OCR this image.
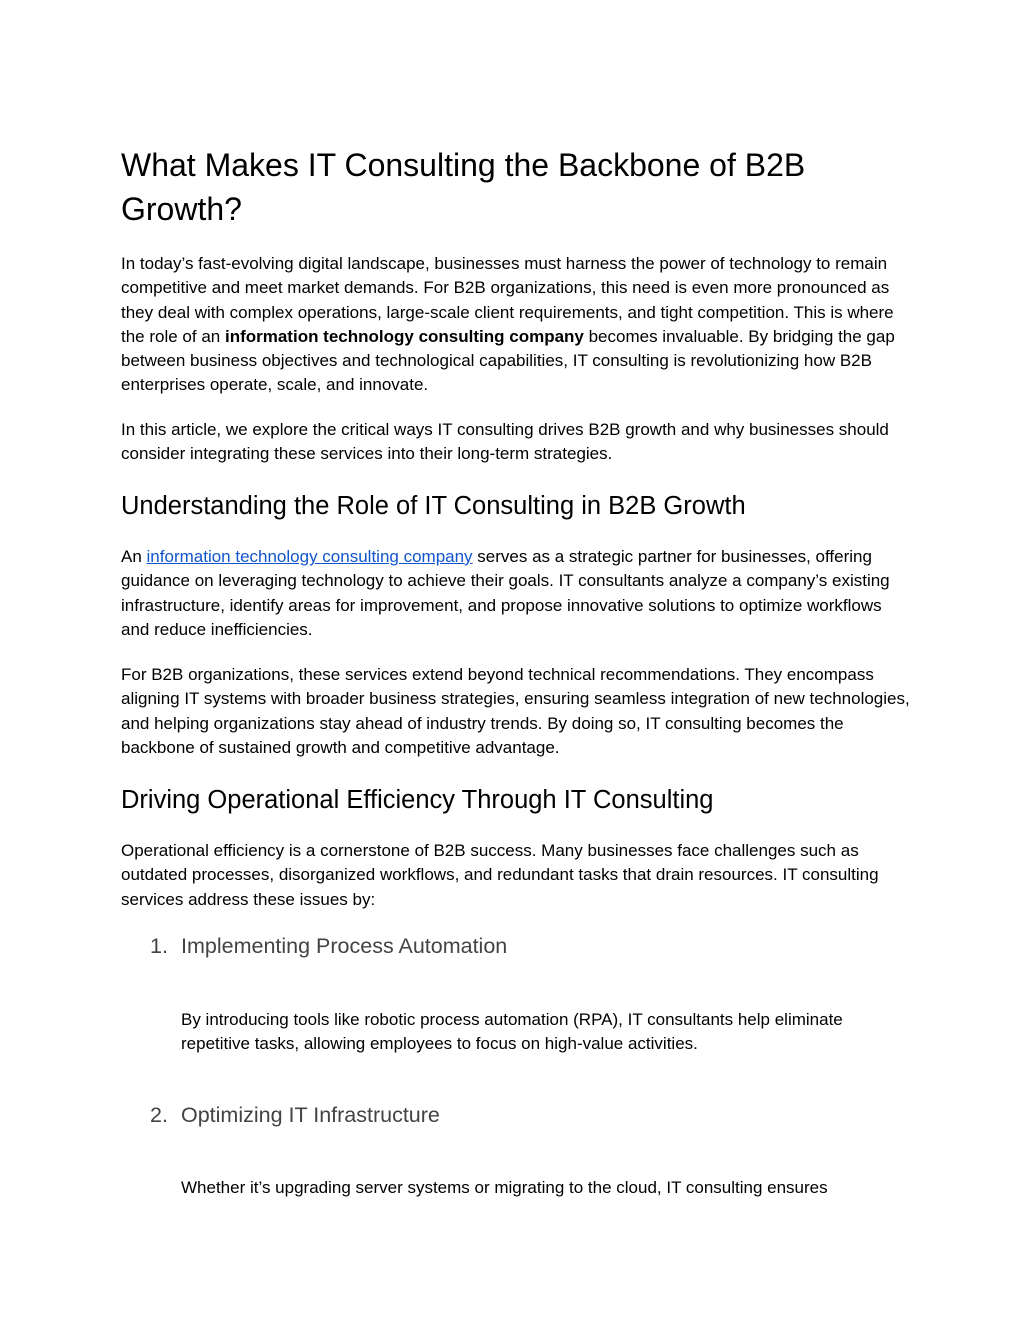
What Makes IT Consulting the Backbone of B2B Growth?

In today’s fast-evolving digital landscape, businesses must harness the power of technology to remain competitive and meet market demands. For B2B organizations, this need is even more pronounced as they deal with complex operations, large-scale client requirements, and tight competition. This is where the role of an information technology consulting company becomes invaluable. By bridging the gap between business objectives and technological capabilities, IT consulting is revolutionizing how B2B enterprises operate, scale, and innovate.

In this article, we explore the critical ways IT consulting drives B2B growth and why businesses should consider integrating these services into their long-term strategies.

Understanding the Role of IT Consulting in B2B Growth

An information technology consulting company serves as a strategic partner for businesses, offering guidance on leveraging technology to achieve their goals. IT consultants analyze a company’s existing infrastructure, identify areas for improvement, and propose innovative solutions to optimize workflows and reduce inefficiencies.

For B2B organizations, these services extend beyond technical recommendations. They encompass aligning IT systems with broader business strategies, ensuring seamless integration of new technologies, and helping organizations stay ahead of industry trends. By doing so, IT consulting becomes the backbone of sustained growth and competitive advantage.

Driving Operational Efficiency Through IT Consulting

Operational efficiency is a cornerstone of B2B success. Many businesses face challenges such as outdated processes, disorganized workflows, and redundant tasks that drain resources. IT consulting services address these issues by:

1. Implementing Process Automation

By introducing tools like robotic process automation (RPA), IT consultants help eliminate repetitive tasks, allowing employees to focus on high-value activities.

2. Optimizing IT Infrastructure

Whether it’s upgrading server systems or migrating to the cloud, IT consulting ensures
